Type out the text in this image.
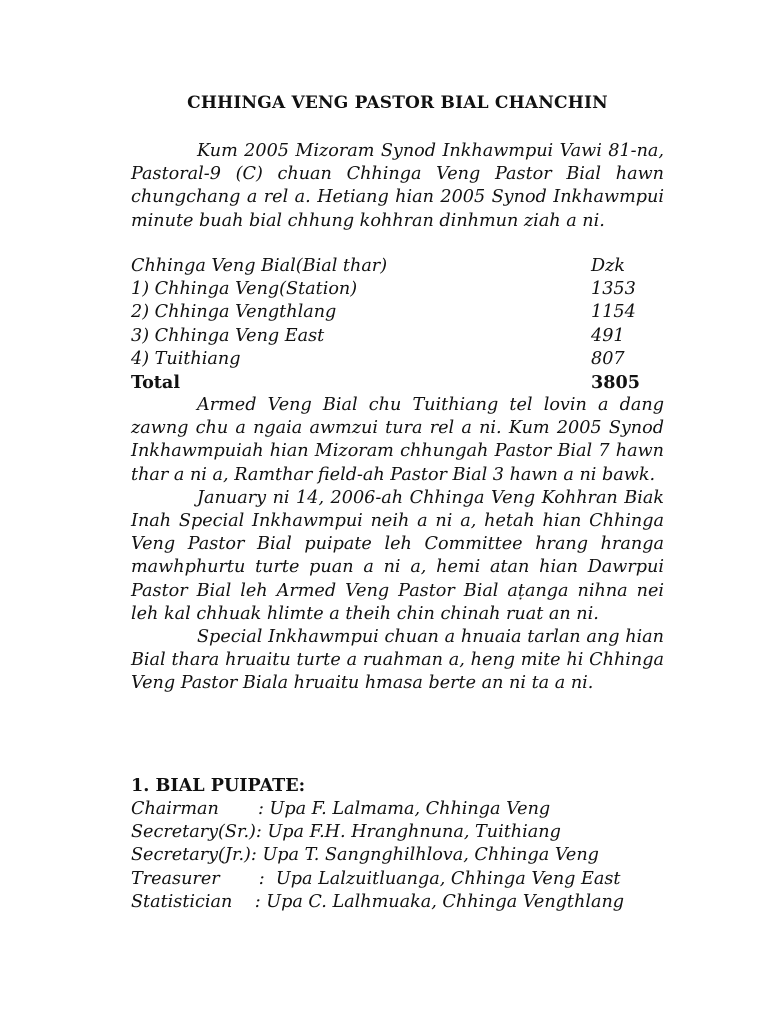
CHHINGA VENG PASTOR BIAL CHANCHIN

Kum 2005 Mizoram Synod Inkhawmpui Vawi 81-na, Pastoral-9 (C) chuan Chhinga Veng Pastor Bial hawn chungchang a rel a. Hetiang hian 2005 Synod Inkhawmpui minute buah bial chhung kohhran dinhmun ziah a ni.

Chhinga Veng Bial(Bial thar)	Dzk
1) Chhinga Veng(Station)	1353
2) Chhinga Vengthlang	1154
3) Chhinga Veng East	491
4) Tuithiang	807
Total	3805

Armed Veng Bial chu Tuithiang tel lovin a dang zawng chu a ngaia awmzui tura rel a ni. Kum 2005 Synod Inkhawmpuiah hian Mizoram chhungah Pastor Bial 7 hawn thar a ni a, Ramthar field-ah Pastor Bial 3 hawn a ni bawk.

January ni 14, 2006-ah Chhinga Veng Kohhran Biak Inah Special Inkhawmpui neih a ni a, hetah hian Chhinga Veng Pastor Bial puipate leh Committee hrang hranga mawhphurtu turte puan a ni a, hemi atan hian Dawrpui Pastor Bial leh Armed Veng Pastor Bial aṭanga nihna nei leh kal chhuak hlimte a theih chin chinah ruat an ni.

Special Inkhawmpui chuan a hnuaia tarlan ang hian Bial thara hruaitu turte a ruahman a, heng mite hi Chhinga Veng Pastor Biala hruaitu hmasa berte an ni ta a ni.

1. BIAL PUIPATE:
Chairman       : Upa F. Lalmama, Chhinga Veng
Secretary(Sr.): Upa F.H. Hranghnuna, Tuithiang
Secretary(Jr.): Upa T. Sangnghilhlova, Chhinga Veng
Treasurer       :  Upa Lalzuitluanga, Chhinga Veng East
Statistician    : Upa C. Lalhmuaka, Chhinga Vengthlang
